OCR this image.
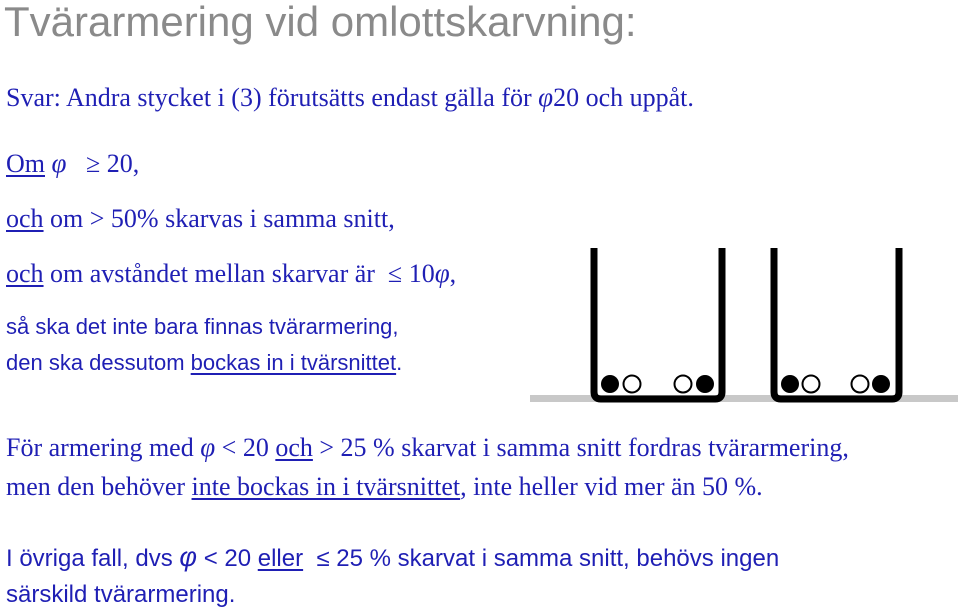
Tvärarmering vid omlottskarvning:

Svar: Andra stycket i (3) förutsätts endast gälla för φ20 och uppåt.

Om φ ≥ 20,

och om > 50% skarvas i samma snitt,

och om avståndet mellan skarvar är  ≤ 10φ,

så ska det inte bara finnas tvärarmering,

den ska dessutom bockas in i tvärsnittet.

För armering med φ < 20 och > 25 % skarvat i samma snitt fordras tvärarmering,

men den behöver inte bockas in i tvärsnittet, inte heller vid mer än 50 %.

I övriga fall, dvs φ < 20 eller ≤ 25 % skarvat i samma snitt, behövs ingen

särskild tvärarmering.
